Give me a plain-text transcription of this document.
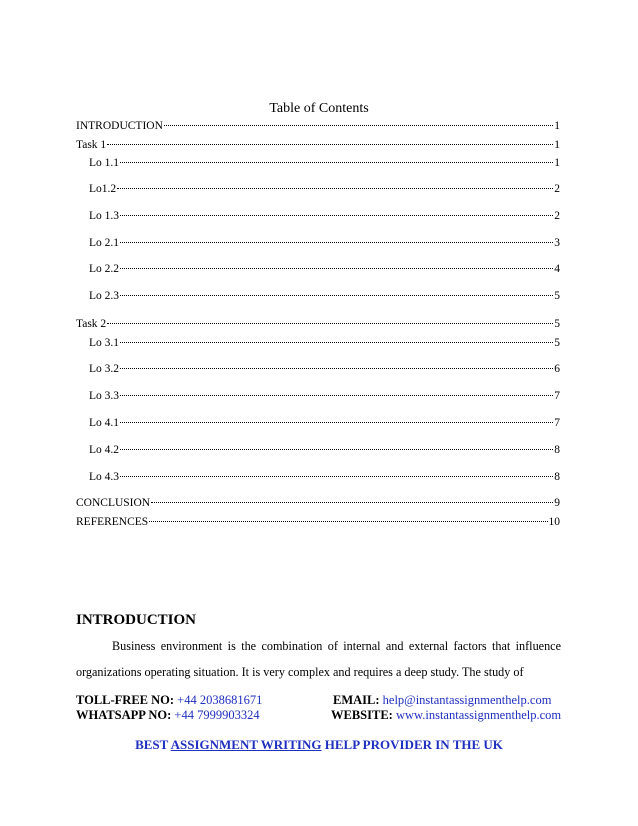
Table of Contents
INTRODUCTION	1
Task 1	1
Lo 1.1	1
Lo1.2	2
Lo 1.3	2
Lo 2.1	3
Lo 2.2	4
Lo 2.3	5
Task 2	5
Lo 3.1	5
Lo 3.2	6
Lo 3.3	7
Lo 4.1	7
Lo 4.2	8
Lo 4.3	8
CONCLUSION	9
REFERENCES	10
INTRODUCTION

Business environment is the combination of internal and external factors that influence organizations operating situation. It is very complex and requires a deep study. The study of

TOLL-FREE NO: +44 2038681671	EMAIL: help@instantassignmenthelp.com
WHATSAPP NO: +44 7999903324	WEBSITE: www.instantassignmenthelp.com
BEST ASSIGNMENT WRITING HELP PROVIDER IN THE UK
